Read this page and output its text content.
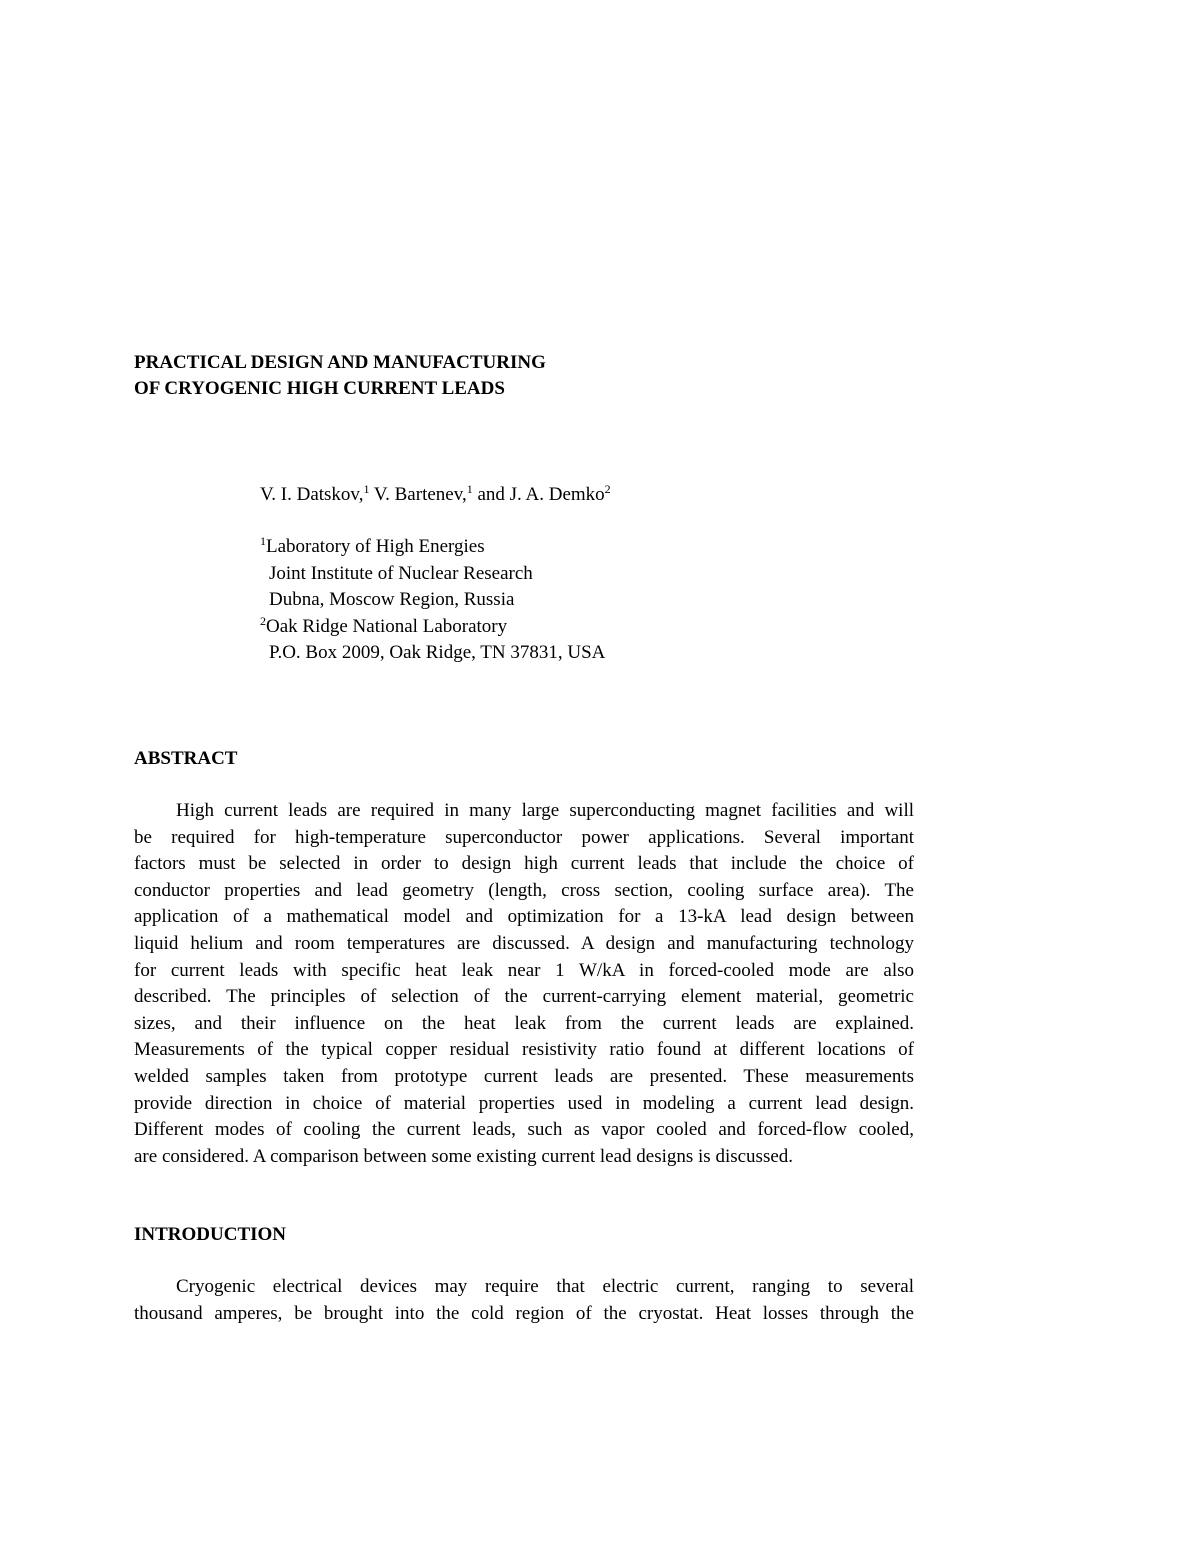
PRACTICAL DESIGN AND MANUFACTURING
OF CRYOGENIC HIGH CURRENT LEADS
V. I. Datskov,$^1$ V. Bartenev,$^1$ and J. A. Demko$^2$
$^1$Laboratory of High Energies
Joint Institute of Nuclear Research
Dubna, Moscow Region, Russia
$^2$Oak Ridge National Laboratory
P.O. Box 2009, Oak Ridge, TN 37831, USA
ABSTRACT
High current leads are required in many large superconducting magnet facilities and will
be required for high-temperature superconductor power applications. Several important
factors must be selected in order to design high current leads that include the choice of
conductor properties and lead geometry (length, cross section, cooling surface area). The
application of a mathematical model and optimization for a 13-kA lead design between
liquid helium and room temperatures are discussed. A design and manufacturing technology
for current leads with specific heat leak near 1 W/kA in forced-cooled mode are also
described. The principles of selection of the current-carrying element material, geometric
sizes, and their influence on the heat leak from the current leads are explained.
Measurements of the typical copper residual resistivity ratio found at different locations of
welded samples taken from prototype current leads are presented. These measurements
provide direction in choice of material properties used in modeling a current lead design.
Different modes of cooling the current leads, such as vapor cooled and forced-flow cooled,
are considered. A comparison between some existing current lead designs is discussed.
INTRODUCTION
Cryogenic electrical devices may require that electric current, ranging to several
thousand amperes, be brought into the cold region of the cryostat. Heat losses through the
